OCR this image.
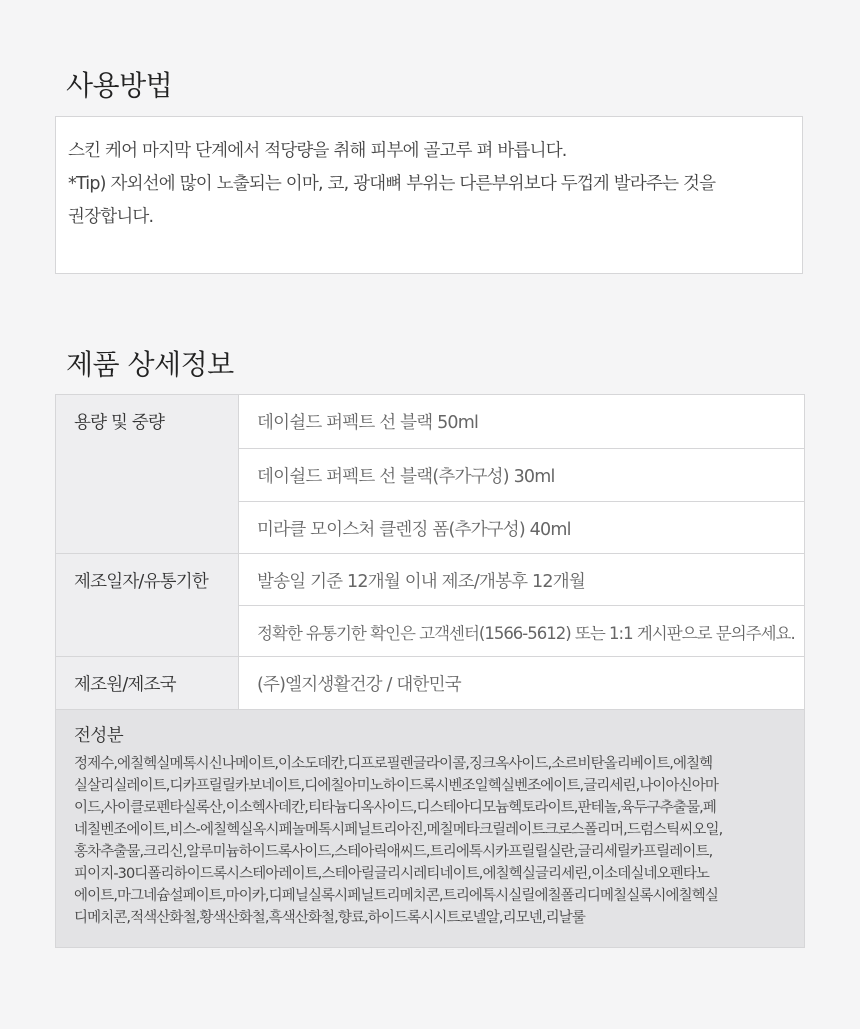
사용방법
스킨 케어 마지막 단계에서 적당량을 취해 피부에 골고루 펴 바릅니다.
*Tip) 자외선에 많이 노출되는 이마, 코, 광대뼈 부위는 다른부위보다 두껍게 발라주는 것을
권장합니다.
제품 상세정보
용량 및 중량	데이쉴드 퍼펙트 선 블랙 50ml
	데이쉴드 퍼펙트 선 블랙(추가구성) 30ml
	미라클 모이스처 클렌징 폼(추가구성) 40ml
제조일자/유통기한	발송일 기준 12개월 이내 제조/개봉후 12개월
	정확한 유통기한 확인은 고객센터(1566-5612) 또는 1:1 게시판으로 문의주세요.
제조원/제조국	(주)엘지생활건강 / 대한민국
전성분
정제수,에칠헥실메톡시신나메이트,이소도데칸,디프로필렌글라이콜,징크옥사이드,소르비탄올리베이트,에칠헥
실살리실레이트,디카프릴릴카보네이트,디에칠아미노하이드록시벤조일헥실벤조에이트,글리세린,나이아신아마
이드,사이클로펜타실록산,이소헥사데칸,티타늄디옥사이드,디스테아디모늄헥토라이트,판테놀,육두구추출물,페
네칠벤조에이트,비스-에칠헥실옥시페놀메톡시페닐트리아진,메칠메타크릴레이트크로스폴리머,드럼스틱씨오일,
홍차추출물,크리신,알루미늄하이드록사이드,스테아릭애씨드,트리에톡시카프릴릴실란,글리세릴카프릴레이트,
피이지-30디폴리하이드록시스테아레이트,스테아릴글리시레티네이트,에칠헥실글리세린,이소데실네오펜타노
에이트,마그네슘설페이트,마이카,디페닐실록시페닐트리메치콘,트리에톡시실릴에칠폴리디메칠실록시에칠헥실
디메치콘,적색산화철,황색산화철,흑색산화철,향료,하이드록시시트로넬알,리모넨,리날룰
